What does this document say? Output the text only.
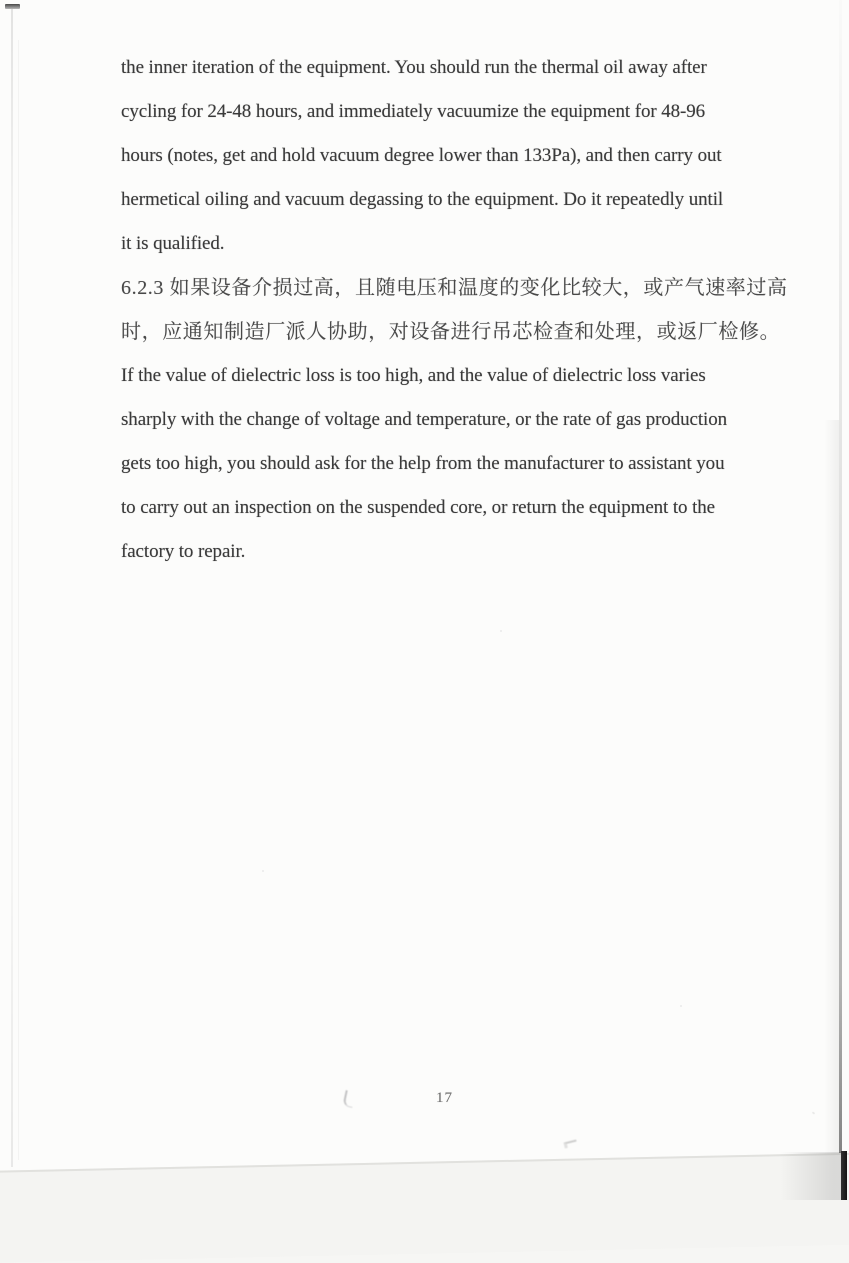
the inner iteration of the equipment. You should run the thermal oil away after
cycling for 24-48 hours, and immediately vacuumize the equipment for 48-96
hours (notes, get and hold vacuum degree lower than 133Pa), and then carry out
hermetical oiling and vacuum degassing to the equipment. Do it repeatedly until
it is qualified.
6.2.3 如果设备介损过高，且随电压和温度的变化比较大，或产气速率过高
时，应通知制造厂派人协助，对设备进行吊芯检查和处理，或返厂检修。
If the value of dielectric loss is too high, and the value of dielectric loss varies
sharply with the change of voltage and temperature, or the rate of gas production
gets too high, you should ask for the help from the manufacturer to assistant you
to carry out an inspection on the suspended core, or return the equipment to the
factory to repair.
17
